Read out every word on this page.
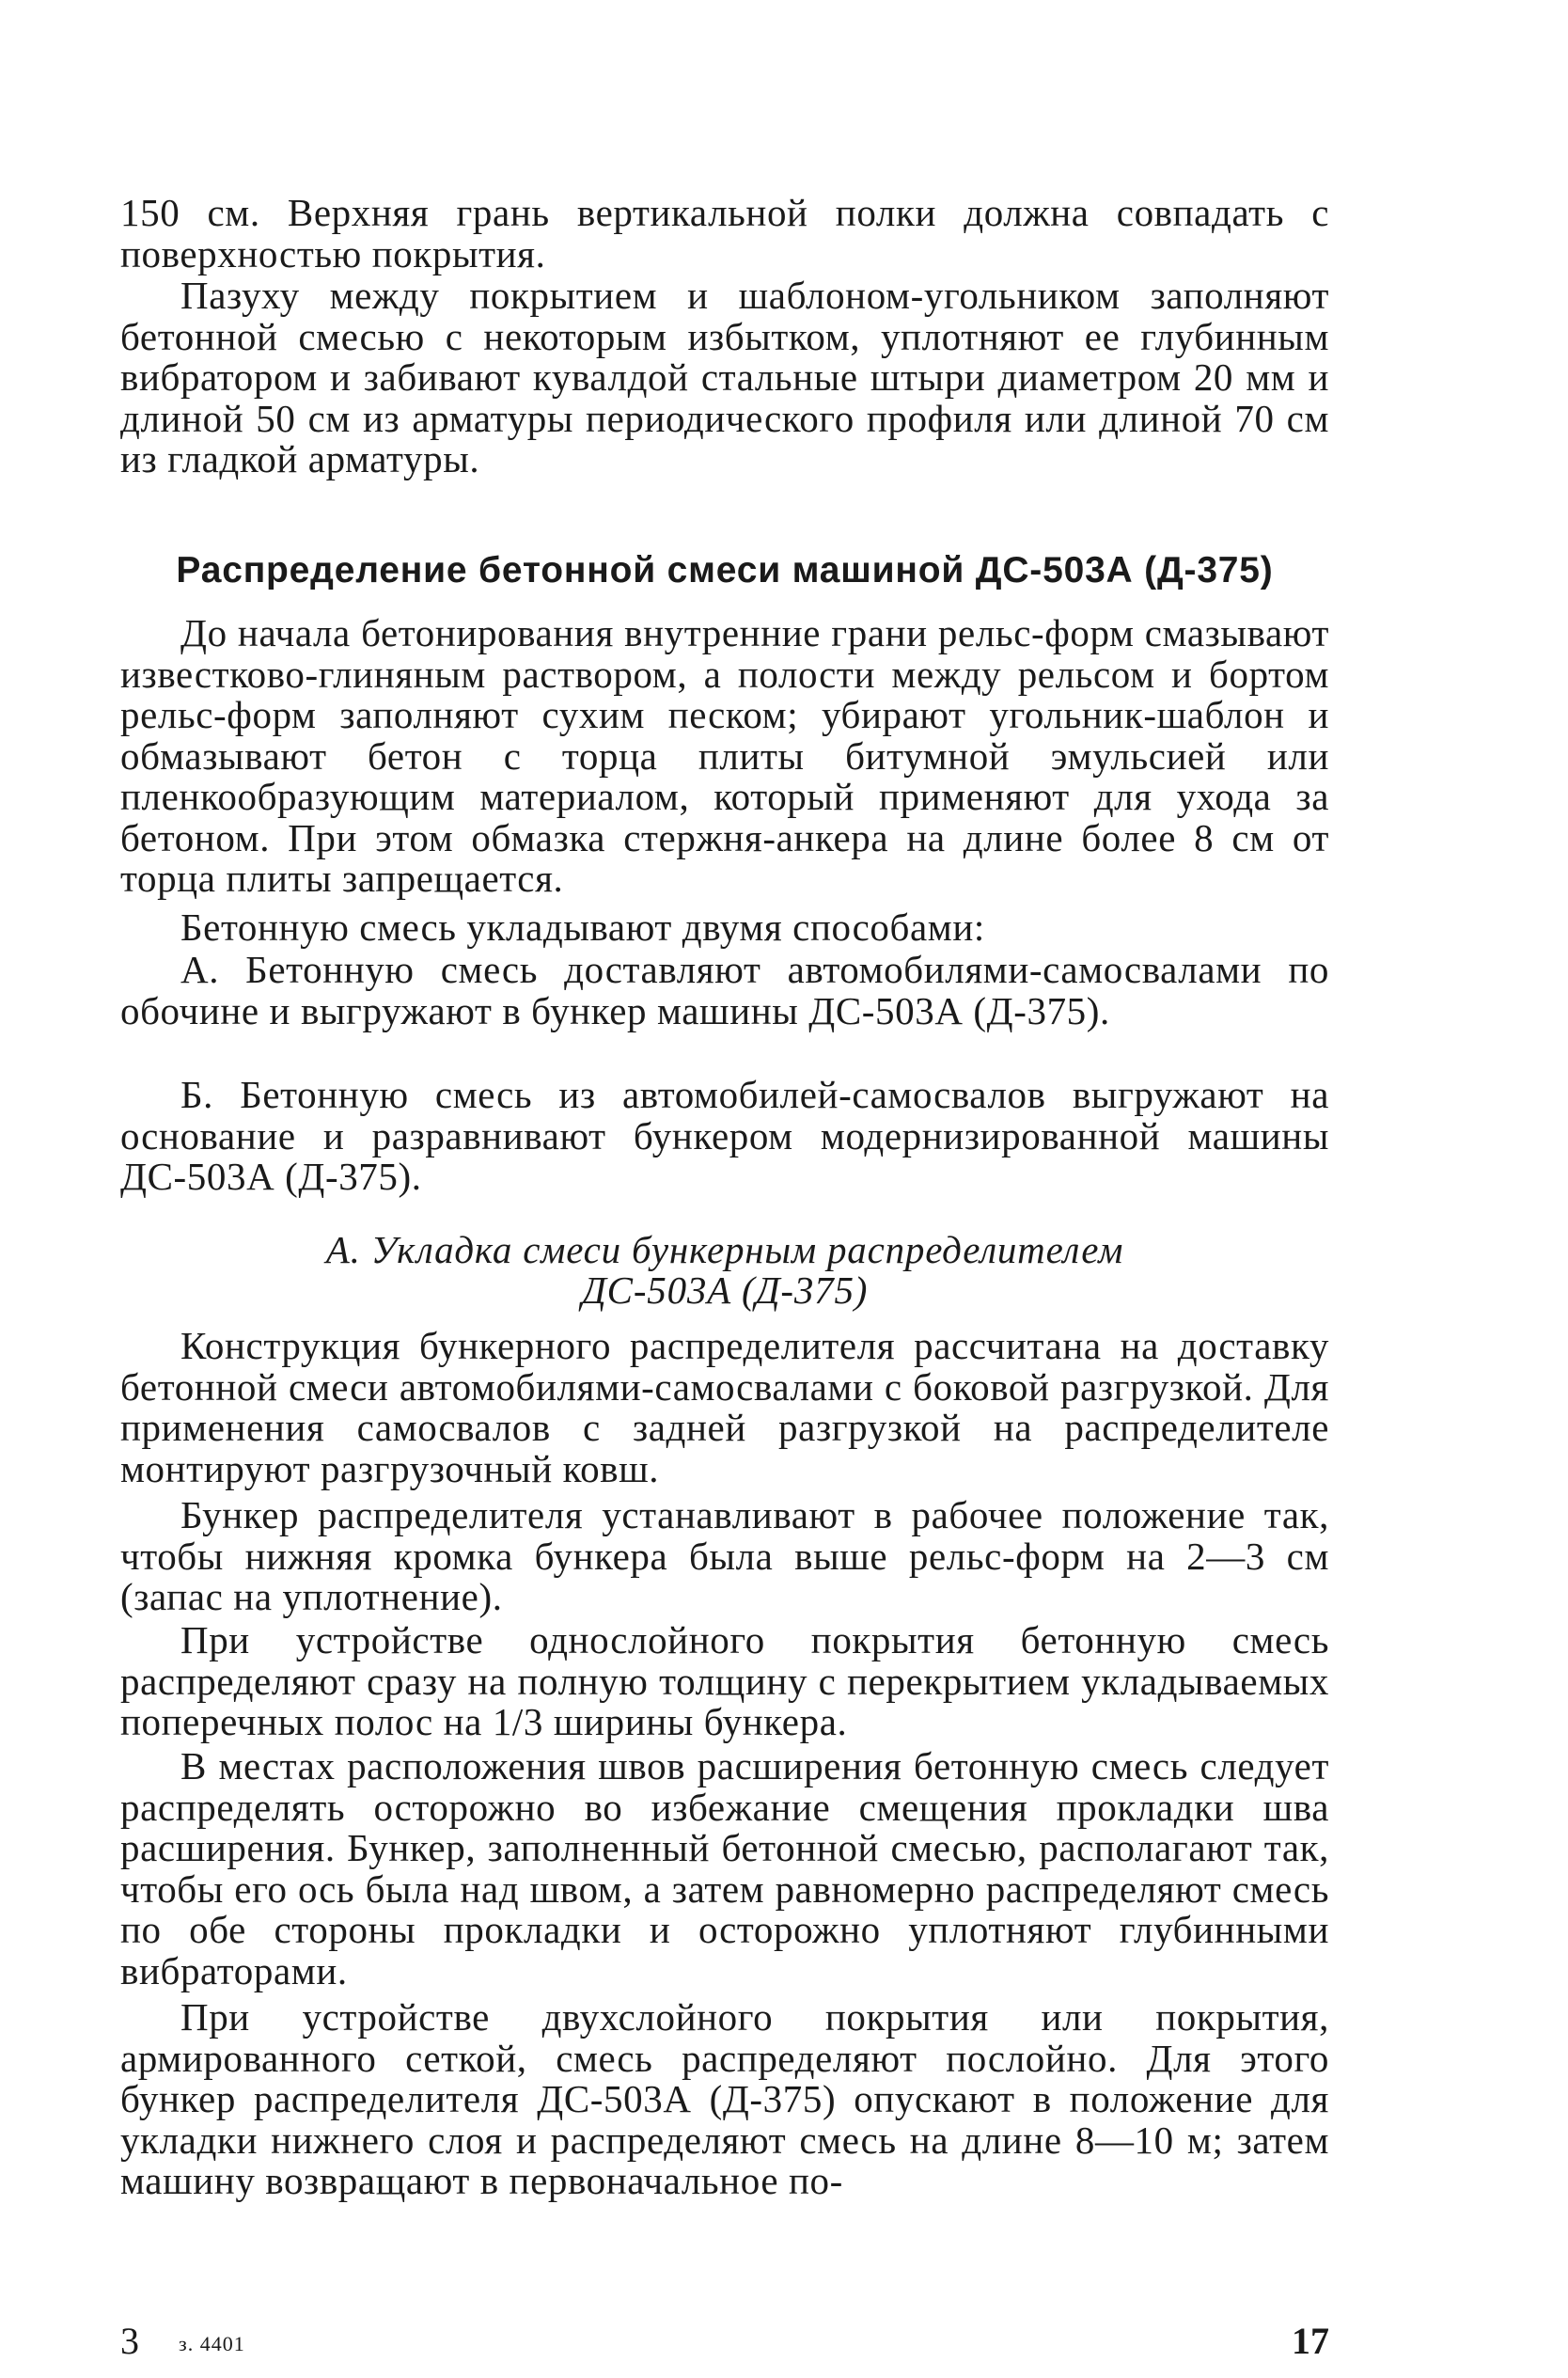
150 см. Верхняя грань вертикальной полки должна совпадать с поверхностью покрытия.

Пазуху между покрытием и шаблоном-угольником заполняют бетонной смесью с некоторым избытком, уплотняют ее глубинным вибратором и забивают кувалдой стальные штыри диаметром 20 мм и длиной 50 см из арматуры периодического профиля или длиной 70 см из гладкой арматуры.

Распределение бетонной смеси машиной ДС-503А (Д-375)

До начала бетонирования внутренние грани рельс-форм смазывают известково-глиняным раствором, а полости между рельсом и бортом рельс-форм заполняют сухим песком; убирают угольник-шаблон и обмазывают бетон с торца плиты битумной эмульсией или пленкообразующим материалом, который применяют для ухода за бетоном. При этом обмазка стержня-анкера на длине более 8 см от торца плиты запрещается.

Бетонную смесь укладывают двумя способами:

А. Бетонную смесь доставляют автомобилями-самосвалами по обочине и выгружают в бункер машины ДС-503А (Д-375).

Б. Бетонную смесь из автомобилей-самосвалов выгружают на основание и разравнивают бункером модернизированной машины ДС-503А (Д-375).

А. Укладка смеси бункерным распределителем
ДС-503А (Д-375)

Конструкция бункерного распределителя рассчитана на доставку бетонной смеси автомобилями-самосвалами с боковой разгрузкой. Для применения самосвалов с задней разгрузкой на распределителе монтируют разгрузочный ковш.

Бункер распределителя устанавливают в рабочее положение так, чтобы нижняя кромка бункера была выше рельс-форм на 2—3 см (запас на уплотнение).

При устройстве однослойного покрытия бетонную смесь распределяют сразу на полную толщину с перекрытием укладываемых поперечных полос на 1/3 ширины бункера.

В местах расположения швов расширения бетонную смесь следует распределять осторожно во избежание смещения прокладки шва расширения. Бункер, заполненный бетонной смесью, располагают так, чтобы его ось была над швом, а затем равномерно распределяют смесь по обе стороны прокладки и осторожно уплотняют глубинными вибраторами.

При устройстве двухслойного покрытия или покрытия, армированного сеткой, смесь распределяют послойно. Для этого бункер распределителя ДС-503А (Д-375) опускают в положение для укладки нижнего слоя и распределяют смесь на длине 8—10 м; затем машину возвращают в первоначальное по-

3 з. 4401	17
